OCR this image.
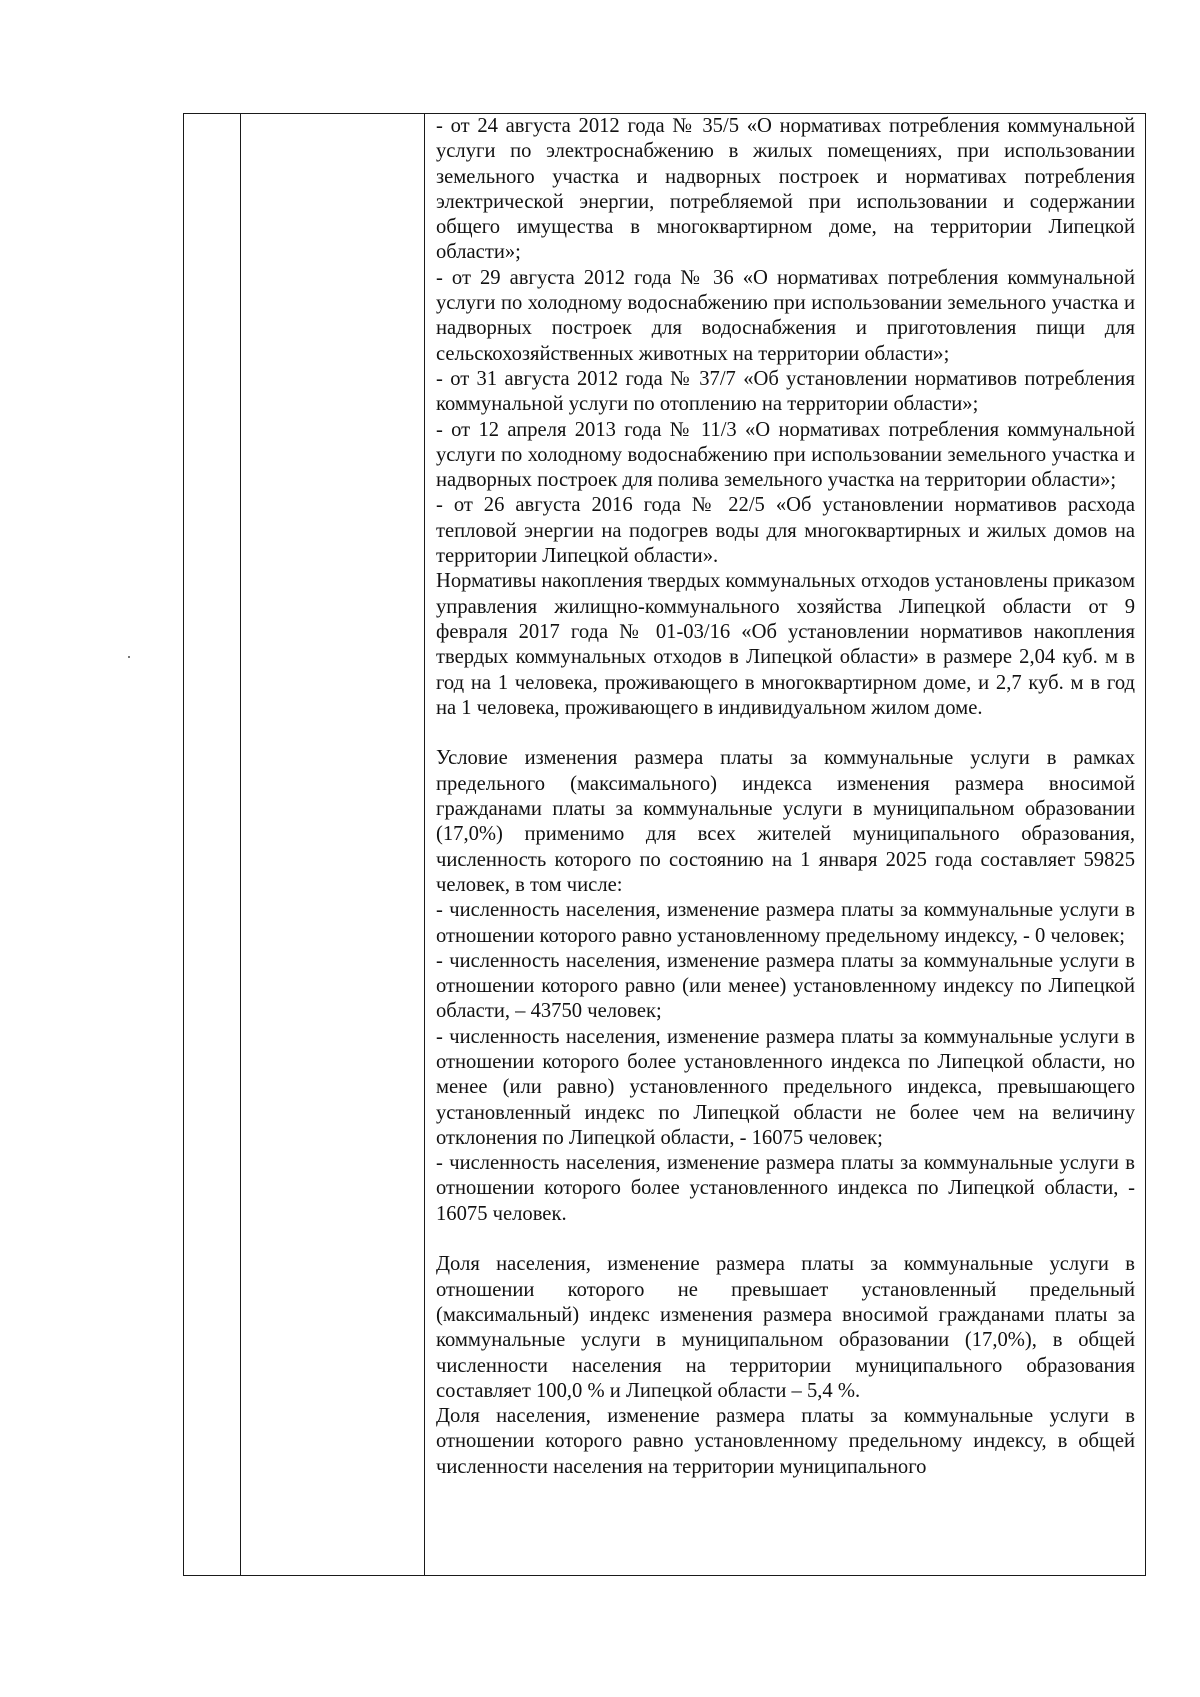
- от 24 августа 2012 года № 35/5 «О нормативах потребления коммунальной услуги по электроснабжению в жилых помещениях, при использовании земельного участка и надворных построек и нормативах потребления электрической энергии, потребляемой при использовании и содержании общего имущества в многоквартирном доме, на территории Липецкой области»;

- от 29 августа 2012 года № 36 «О нормативах потребления коммунальной услуги по холодному водоснабжению при использовании земельного участка и надворных построек для водоснабжения и приготовления пищи для сельскохозяйственных животных на территории области»;

- от 31 августа 2012 года № 37/7 «Об установлении нормативов потребления коммунальной услуги по отоплению на территории области»;

- от 12 апреля 2013 года № 11/3 «О нормативах потребления коммунальной услуги по холодному водоснабжению при использовании земельного участка и надворных построек для полива земельного участка на территории области»;

- от 26 августа 2016 года № 22/5 «Об установлении нормативов расхода тепловой энергии на подогрев воды для многоквартирных и жилых домов на территории Липецкой области».

Нормативы накопления твердых коммунальных отходов установлены приказом управления жилищно-коммунального хозяйства Липецкой области от 9 февраля 2017 года № 01-03/16 «Об установлении нормативов накопления твердых коммунальных отходов в Липецкой области» в размере 2,04 куб. м в год на 1 человека, проживающего в многоквартирном доме, и 2,7 куб. м в год на 1 человека, проживающего в индивидуальном жилом доме.

Условие изменения размера платы за коммунальные услуги в рамках предельного (максимального) индекса изменения размера вносимой гражданами платы за коммунальные услуги в муниципальном образовании (17,0%) применимо для всех жителей муниципального образования, численность которого по состоянию на 1 января 2025 года составляет 59825 человек, в том числе:

- численность населения, изменение размера платы за коммунальные услуги в отношении которого равно установленному предельному индексу, - 0 человек;

- численность населения, изменение размера платы за коммунальные услуги в отношении которого равно (или менее) установленному индексу по Липецкой области, – 43750 человек;

- численность населения, изменение размера платы за коммунальные услуги в отношении которого более установленного индекса по Липецкой области, но менее (или равно) установленного предельного индекса, превышающего установленный индекс по Липецкой области не более чем на величину отклонения по Липецкой области, - 16075 человек;

- численность населения, изменение размера платы за коммунальные услуги в отношении которого более установленного индекса по Липецкой области, - 16075 человек.

Доля населения, изменение размера платы за коммунальные услуги в отношении которого не превышает установленный предельный (максимальный) индекс изменения размера вносимой гражданами платы за коммунальные услуги в муниципальном образовании (17,0%), в общей численности населения на территории муниципального образования составляет 100,0 % и Липецкой области – 5,4 %.

Доля населения, изменение размера платы за коммунальные услуги в отношении которого равно установленному предельному индексу, в общей численности населения на территории муниципального
